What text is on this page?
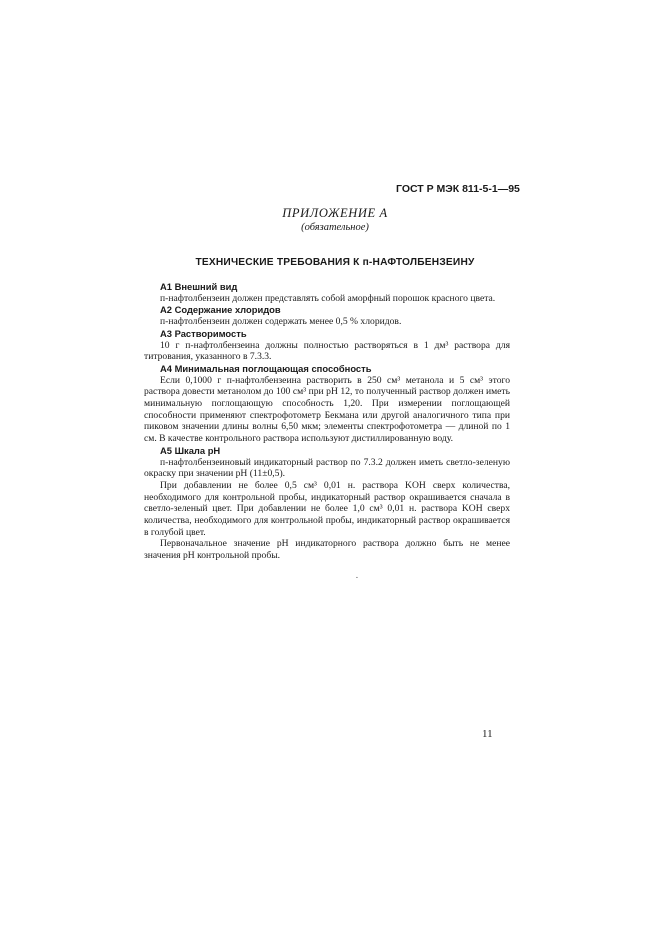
ГОСТ Р МЭК 811-5-1—95
ПРИЛОЖЕНИЕ А
(обязательное)
ТЕХНИЧЕСКИЕ ТРЕБОВАНИЯ К п-НАФТОЛБЕНЗЕИНУ
А1 Внешний вид

п-нафтолбензеин должен представлять собой аморфный порошок красного цвета.

А2 Содержание хлоридов

п-нафтолбензеин должен содержать менее 0,5 % хлоридов.

А3 Растворимость

10 г п-нафтолбензеина должны полностью растворяться в 1 дм³ раствора для титрования, указанного в 7.3.3.

А4 Минимальная поглощающая способность

Если 0,1000 г п-нафтолбензеина растворить в 250 см³ метанола и 5 см³ этого раствора довести метанолом до 100 см³ при pH 12, то полученный раствор должен иметь минимальную поглощающую способность 1,20. При измерении поглощающей способности применяют спектрофотометр Бекмана или другой аналогичного типа при пиковом значении длины волны 6,50 мкм; элементы спектрофотометра — длиной по 1 см. В качестве контрольного раствора используют дистиллированную воду.

А5 Шкала pH

п-нафтолбензеиновый индикаторный раствор по 7.3.2 должен иметь светло-зеленую окраску при значении pH (11±0,5).

При добавлении не более 0,5 см³ 0,01 н. раствора KOH сверх количества, необходимого для контрольной пробы, индикаторный раствор окрашивается сначала в светло-зеленый цвет. При добавлении не более 1,0 см³ 0,01 н. раствора KOH сверх количества, необходимого для контрольной пробы, индикаторный раствор окрашивается в голубой цвет.

Первоначальное значение pH индикаторного раствора должно быть не менее значения pH контрольной пробы.

.
11
